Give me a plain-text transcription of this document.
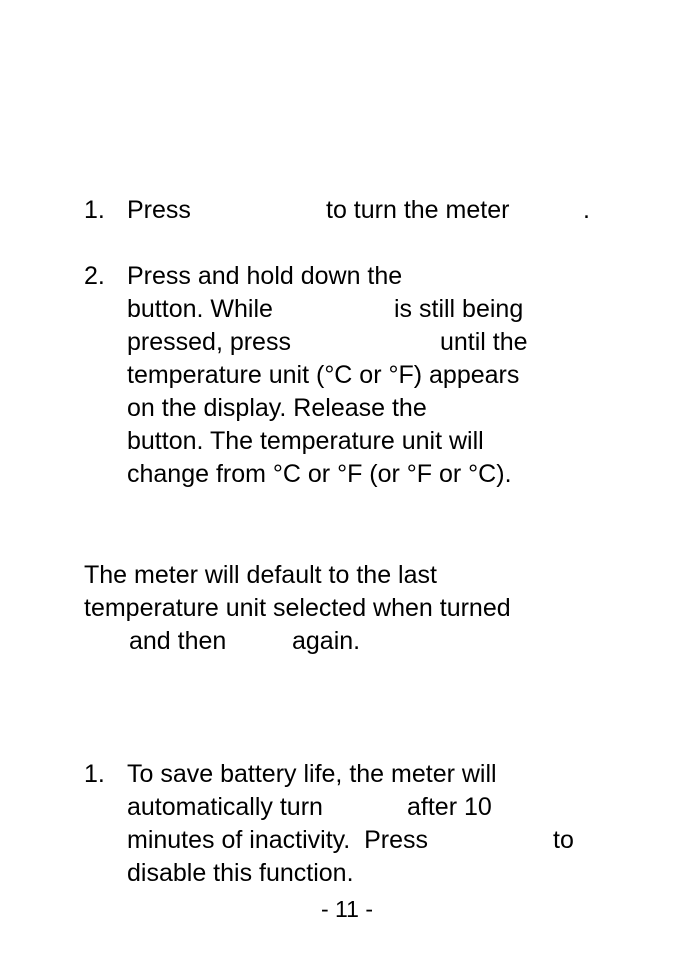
1. Press	to turn the meter	.
2. Press and hold down the
button. While	is still being
pressed, press	until the
temperature unit (°C or °F) appears
on the display. Release the
button. The temperature unit will
change from °C or °F (or °F or °C).
The meter will default to the last
temperature unit selected when turned
and then	again.
1. To save battery life, the meter will
automatically turn	after 10
minutes of inactivity.  Press	to
disable this function.
- 11 -
